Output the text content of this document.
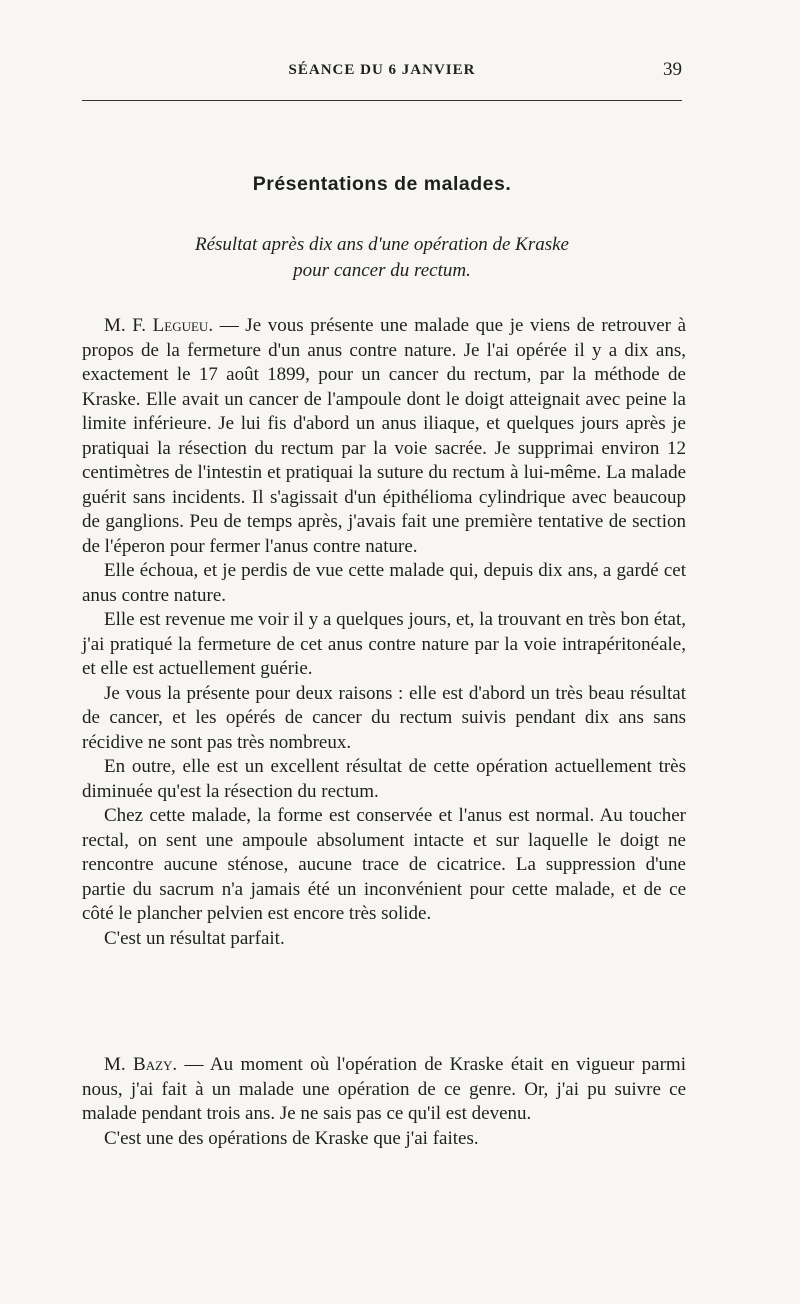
SÉANCE DU 6 JANVIER	39
Présentations de malades.
Résultat après dix ans d'une opération de Kraske
pour cancer du rectum.

M. F. Legueu. — Je vous présente une malade que je viens de retrouver à propos de la fermeture d'un anus contre nature. Je l'ai opérée il y a dix ans, exactement le 17 août 1899, pour un cancer du rectum, par la méthode de Kraske. Elle avait un cancer de l'ampoule dont le doigt atteignait avec peine la limite inférieure. Je lui fis d'abord un anus iliaque, et quelques jours après je pratiquai la résection du rectum par la voie sacrée. Je supprimai environ 12 centimètres de l'intestin et pratiquai la suture du rectum à lui-même. La malade guérit sans incidents. Il s'agissait d'un épithélioma cylindrique avec beaucoup de ganglions. Peu de temps après, j'avais fait une première tentative de section de l'éperon pour fermer l'anus contre nature.

Elle échoua, et je perdis de vue cette malade qui, depuis dix ans, a gardé cet anus contre nature.

Elle est revenue me voir il y a quelques jours, et, la trouvant en très bon état, j'ai pratiqué la fermeture de cet anus contre nature par la voie intrapéritonéale, et elle est actuellement guérie.

Je vous la présente pour deux raisons : elle est d'abord un très beau résultat de cancer, et les opérés de cancer du rectum suivis pendant dix ans sans récidive ne sont pas très nombreux.

En outre, elle est un excellent résultat de cette opération actuellement très diminuée qu'est la résection du rectum.

Chez cette malade, la forme est conservée et l'anus est normal. Au toucher rectal, on sent une ampoule absolument intacte et sur laquelle le doigt ne rencontre aucune sténose, aucune trace de cicatrice. La suppression d'une partie du sacrum n'a jamais été un inconvénient pour cette malade, et de ce côté le plancher pelvien est encore très solide.

C'est un résultat parfait.

M. Bazy. — Au moment où l'opération de Kraske était en vigueur parmi nous, j'ai fait à un malade une opération de ce genre. Or, j'ai pu suivre ce malade pendant trois ans. Je ne sais pas ce qu'il est devenu.

C'est une des opérations de Kraske que j'ai faites.
